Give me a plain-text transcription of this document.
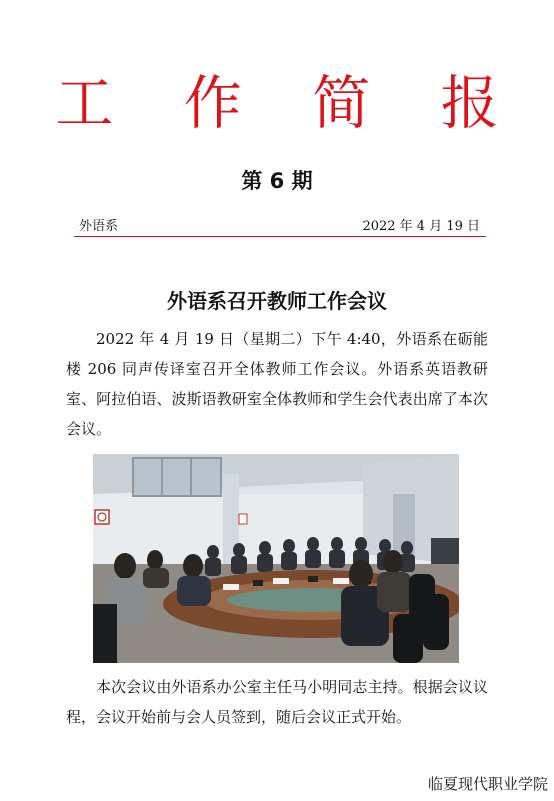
工 作 简 报
第 6 期
外语系	2022 年 4 月 19 日
外语系召开教师工作会议

2022 年 4 月 19 日（星期二）下午 4:40，外语系在砺能楼 206 同声传译室召开全体教师工作会议。外语系英语教研室、阿拉伯语、波斯语教研室全体教师和学生会代表出席了本次会议。

本次会议由外语系办公室主任马小明同志主持。根据会议议程，会议开始前与会人员签到，随后会议正式开始。

临夏现代职业学院
